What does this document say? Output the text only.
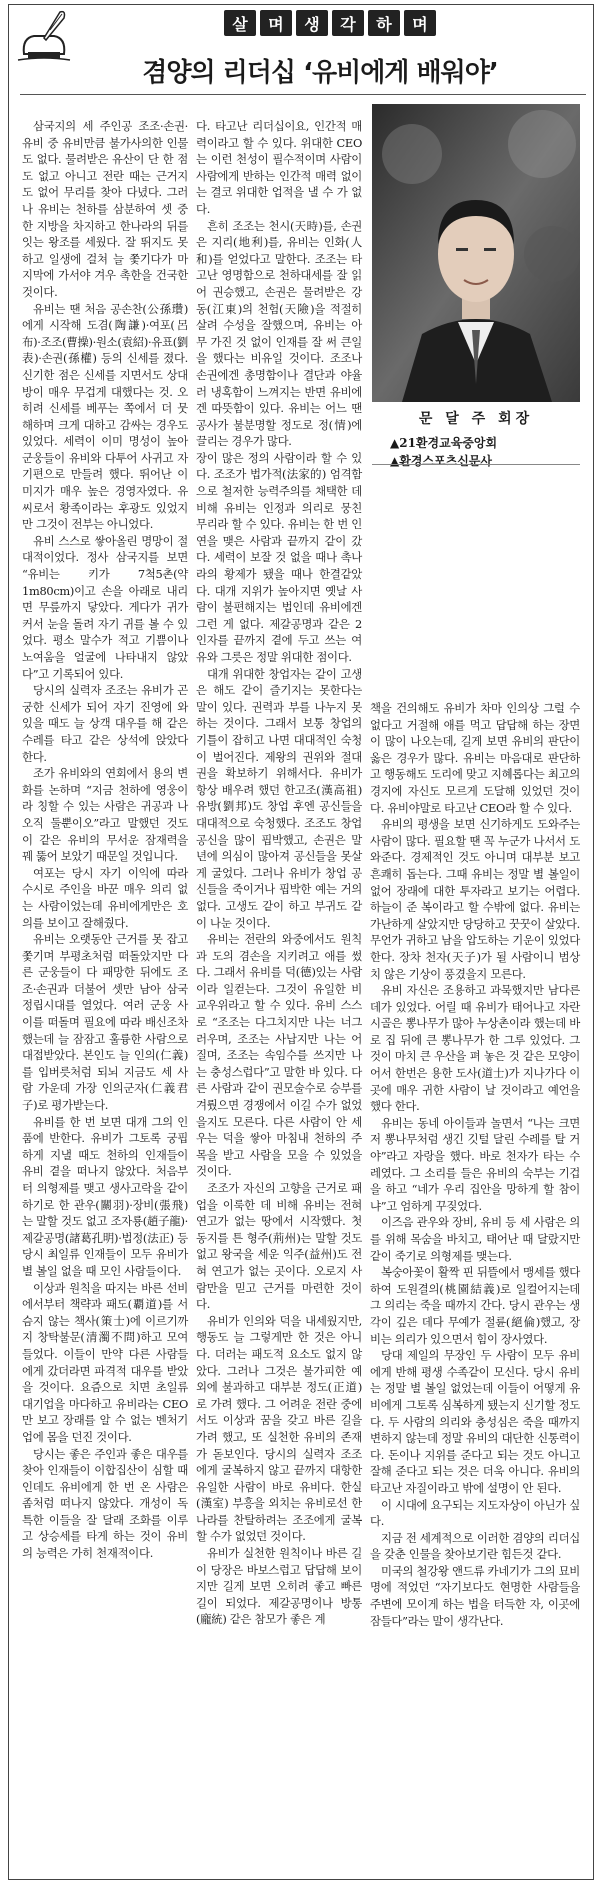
살	며	생	각	하	며
겸양의 리더십 ‘유비에게 배워야’

삼국지의 세 주인공 조조·손권·유비 중 유비만큼 불가사의한 인물도 없다. 물려받은 유산이 단 한 점도 없고 아니고 전란 때는 근거지도 없어 무리를 찾아 다녔다. 그러나 유비는 천하를 삼분하여 셋 중 한 지방을 차지하고 한나라의 뒤를 잇는 왕조를 세웠다. 잘 뛰지도 못하고 일생에 걸쳐 늘 쫓기다가 마지막에 가서야 겨우 촉한을 건국한 것이다.

유비는 땐 처음 공손찬(公孫瓚)에게 시작해 도겸(陶謙)·여포(呂布)·조조(曹操)·원소(袁紹)·유표(劉表)·손권(孫權) 등의 신세를 졌다. 신기한 점은 신세를 지면서도 상대방이 매우 무겁게 대했다는 것. 오히려 신세를 베푸는 쪽에서 더 뭇해하며 크게 대하고 감싸는 경우도 있었다. 세력이 이미 명성이 높아 군웅들이 유비와 다투어 사귀고 자기편으로 만들려 했다. 뛰어난 이미지가 매우 높은 경영자였다. 유씨로서 황족이라는 후광도 있었지만 그것이 전부는 아니었다.

유비 스스로 쌓아올린 명망이 절대적이었다. 정사 삼국지를 보면 “유비는 키가 7척5촌(약 1m80cm)이고 손을 아래로 내리면 무릎까지 닿았다. 게다가 귀가 커서 눈을 돌려 자기 귀를 볼 수 있었다. 평소 말수가 적고 기쁨이나 노여움을 얼굴에 나타내지 않았다”고 기록되어 있다.

당시의 실력자 조조는 유비가 곤궁한 신세가 되어 자기 진영에 와 있을 때도 늘 상객 대우를 해 같은 수레를 타고 같은 상석에 앉았다 한다.

조가 유비와의 연회에서 용의 변화를 논하며 “지금 천하에 영웅이라 칭할 수 있는 사람은 귀공과 나 오직 둘뿐이오”라고 말했던 것도 이 같은 유비의 무서운 잠재력을 꿰 뚫어 보았기 때문일 것입니다.

여포는 당시 자기 이익에 따라 수시로 주인을 바꾼 매우 의리 없는 사람이었는데 유비에게만은 호의를 보이고 잘해줬다.

유비는 오랫동안 근거를 못 잡고 쫓기며 부평초처럼 떠돌았지만 다른 군웅들이 다 패망한 뒤에도 조조·손권과 더불어 셋만 남아 삼국 정립시대를 열었다. 여러 군웅 사이를 떠돌며 필요에 따라 배신조차 했는데 늘 잠잠고 훌륭한 사람으로 대접받았다. 본인도 늘 인의(仁義)를 입버릇처럼 되뇌 지금도 세 사람 가운데 가장 인의군자(仁義君子)로 평가받는다.

유비를 한 번 보면 대개 그의 인품에 반한다. 유비가 그토록 궁핍하게 지낼 때도 천하의 인재들이 유비 곁을 떠나지 않았다. 처음부터 의형제를 맺고 생사고락을 같이 하기로 한 관우(關羽)·장비(張飛)는 말할 것도 없고 조자룡(趙子龍)·제갈공명(諸葛孔明)·법정(法正) 등 당시 최일류 인재들이 모두 유비가 별 볼일 없을 때 모인 사람들이다.

이상과 원칙을 따지는 바른 선비에서부터 책략과 패도(覇道)를 서슴지 않는 책사(策士)에 이르기까지 창탁불문(清濁不問)하고 모여들었다. 이들이 만약 다른 사람들에게 갔더라면 파격적 대우를 받았을 것이다. 요즘으로 치면 초일류 대기업을 마다하고 유비라는 CEO만 보고 장래를 알 수 없는 벤처기업에 몸을 던진 것이다.

당시는 좋은 주인과 좋은 대우를 찾아 인재들이 이합집산이 심할 때인데도 유비에게 한 번 온 사람은 좀처럼 떠나지 않았다. 개성이 독특한 이들을 잘 달래 조화를 이루고 상승세를 타게 하는 것이 유비의 능력은 가히 천재적이다.

다. 타고난 리더십이요, 인간적 매력이라고 할 수 있다. 위대한 CEO는 이런 천성이 필수적이며 사람이 사람에게 반하는 인간적 매력 없이는 결코 위대한 업적을 낼 수 가 없다.

흔히 조조는 천시(天時)를, 손권은 지리(地利)를, 유비는 인화(人和)를 얻었다고 말한다. 조조는 타고난 영명함으로 천하대세를 잘 읽어 권승했고, 손권은 물려받은 강동(江東)의 천험(天險)을 적절히 살려 수성을 잘했으며, 유비는 아무 가진 것 없이 인재를 잘 써 큰일을 했다는 비유일 것이다. 조조나 손권에겐 총명함이나 결단과 야율러 냉혹함이 느껴지는 반면 유비에겐 따뜻함이 있다. 유비는 어느 땐 공사가 불분명할 정도로 정(情)에 끌리는 경우가 많다.

장이 많은 정의 사람이라 할 수 있다. 조조가 법가적(法家的) 엄격함으로 철저한 능력주의를 채택한 데 비해 유비는 인정과 의리로 뭉친 무리라 할 수 있다. 유비는 한 번 인연을 맺은 사람과 끝까지 같이 갔다. 세력이 보잘 것 없을 때나 촉나라의 황제가 됐을 때나 한결같았다. 대개 지위가 높아지면 옛날 사람이 불편해지는 법인데 유비에겐 그런 게 없다. 제갈공명과 같은 2인자를 끝까지 곁에 두고 쓰는 여유와 그릇은 정말 위대한 점이다.

대개 위대한 창업자는 같이 고생은 해도 같이 즐기지는 못한다는 말이 있다. 권력과 부를 나누지 못하는 것이다. 그래서 보통 창업의 기틀이 잡히고 나면 대대적인 숙청이 벌어진다. 제왕의 권위와 절대권을 확보하기 위해서다. 유비가 항상 배우려 했던 한고조(漢高祖) 유방(劉邦)도 창업 후엔 공신들을 대대적으로 숙청했다. 조조도 창업 공신을 많이 핍박했고, 손권은 말년에 의심이 많아져 공신들을 못살게 굴었다. 그러나 유비가 창업 공신들을 죽이거나 핍박한 예는 거의 없다. 고생도 같이 하고 부귀도 같이 나눈 것이다.

유비는 전란의 와중에서도 원칙과 도의 겸손을 지키려고 애를 썼다. 그래서 유비를 덕(德)있는 사람이라 일컫는다. 그것이 유일한 비교우위라고 할 수 있다. 유비 스스로 “조조는 다그치지만 나는 너그러우며, 조조는 사납지만 나는 어질며, 조조는 속임수를 쓰지만 나는 충성스럽다”고 말한 바 있다. 다른 사람과 같이 권모술수로 승부를 겨뤘으면 경쟁에서 이길 수가 없었을지도 모른다. 다른 사람이 안 세우는 덕을 쌓아 마침내 천하의 주목을 받고 사람을 모을 수 있었을 것이다.

조조가 자신의 고향을 근거로 패업을 이룩한 데 비해 유비는 전혀 연고가 없는 땅에서 시작했다. 첫 동지를 튼 형주(荊州)는 말할 것도 없고 왕국을 세운 익주(益州)도 전혀 연고가 없는 곳이다. 오로지 사람만을 믿고 근거를 마련한 것이다.

유비가 인의와 덕을 내세웠지만, 행동도 늘 그렇게만 한 것은 아니다. 더러는 패도적 요소도 없지 않았다. 그러나 그것은 불가피한 예외에 불과하고 대부분 정도(正道)로 가려 했다. 그 어려운 전란 중에서도 이상과 꿈을 갖고 바른 길을 가려 했고, 또 실천한 유비의 존재가 돋보인다. 당시의 실력자 조조에게 굴복하지 않고 끝까지 대항한 유일한 사람이 바로 유비다. 한실(漢室) 부흥을 외치는 유비로선 한나라를 찬탈하려는 조조에게 굴복할 수가 없었던 것이다.

유비가 실천한 원칙이나 바른 길이 당장은 바보스럽고 답답해 보이지만 길게 보면 오히려 좋고 빠른 길이 되었다. 제갈공명이나 방통(龐統) 같은 참모가 좋은 계

문 달 주 회장
▲21환경교육중앙회
▲환경스포츠신문사

책을 건의해도 유비가 차마 인의상 그럴 수 없다고 거절해 애를 먹고 답답해 하는 장면이 많이 나오는데, 길게 보면 유비의 판단이 옳은 경우가 많다. 유비는 마음대로 판단하고 행동해도 도리에 맞고 지혜롭다는 최고의 경지에 자신도 모르게 도달해 있었던 것이다. 유비야말로 타고난 CEO라 할 수 있다.

유비의 평생을 보면 신기하게도 도와주는 사람이 많다. 필요할 땐 꼭 누군가 나서서 도와준다. 경제적인 것도 아니며 대부분 보고 흔쾌히 돕는다. 그때 유비는 정말 별 볼일이 없어 장래에 대한 투자라고 보기는 어렵다. 하늘이 준 복이라고 할 수밖에 없다. 유비는 가난하게 살았지만 당당하고 꿋꿋이 살았다. 무언가 귀하고 남을 압도하는 기운이 있었다 한다. 장차 천자(天子)가 될 사람이니 범상치 않은 기상이 풍겼을지 모른다.

유비 자신은 조용하고 과묵했지만 남다른 데가 있었다. 어릴 때 유비가 태어나고 자란 시골은 뽕나무가 많아 누상촌이라 했는데 바로 집 뒤에 큰 뽕나무가 한 그루 있었다. 그것이 마치 큰 우산을 펴 놓은 것 같은 모양이어서 한번은 용한 도사(道士)가 지나가다 이곳에 매우 귀한 사람이 날 것이라고 예언을 했다 한다.

유비는 동네 아이들과 놀면서 “나는 크면 저 뽕나무처럼 생긴 깃털 달린 수레를 탈 거야”라고 자랑을 했다. 바로 천자가 타는 수레였다. 그 소리를 들은 유비의 숙부는 기겁을 하고 “네가 우리 집안을 망하게 할 참이냐”고 엄하게 꾸짖었다.

이즈음 관우와 장비, 유비 등 세 사람은 의를 위해 목숨을 바치고, 태어난 때 달랐지만 같이 죽기로 의형제를 맺는다.

복숭아꽃이 활짝 핀 뒤뜰에서 맹세를 했다 하여 도원결의(桃園結義)로 일컬어지는데 그 의리는 죽을 때까지 간다. 당시 관우는 생각이 깊은 데다 무예가 절륜(絕倫)했고, 장비는 의리가 있으면서 힘이 장사였다.

당대 제일의 무장인 두 사람이 모두 유비에게 반해 평생 수족같이 모신다. 당시 유비는 정말 별 볼일 없었는데 이들이 어떻게 유비에게 그토록 심복하게 됐는지 신기할 정도다. 두 사람의 의리와 충성심은 죽을 때까지 변하지 않는데 정말 유비의 대단한 신통력이다. 돈이나 지위를 준다고 되는 것도 아니고 잘해 준다고 되는 것은 더욱 아니다. 유비의 타고난 자질이라고 밖에 설명이 안 된다.

이 시대에 요구되는 지도자상이 아닌가 싶다.

지금 전 세계적으로 이러한 겸양의 리더십을 갖춘 인물을 찾아보기란 힘든것 같다.

미국의 철강왕 앤드류 카네기가 그의 묘비명에 적었던 “자기보다도 현명한 사람들을 주변에 모이게 하는 법을 터득한 자, 이곳에 잠들다”라는 말이 생각난다.
